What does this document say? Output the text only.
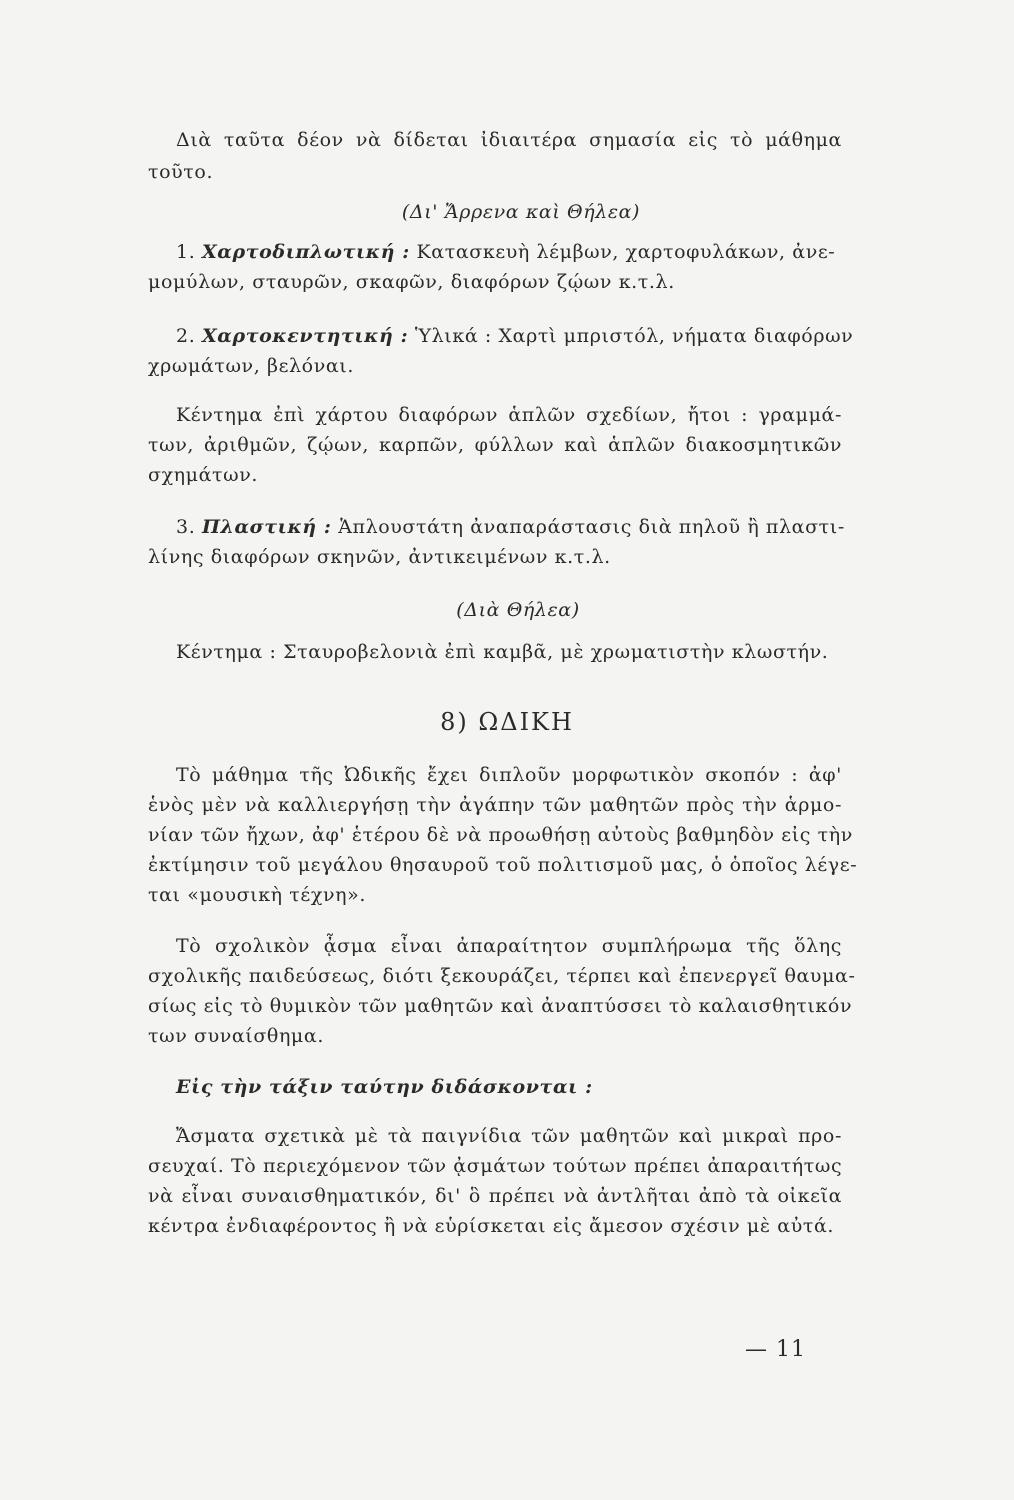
Διὰ ταῦτα δέον νὰ δίδεται ἰδιαιτέρα σημασία εἰς τὸ μάθημα
τοῦτο.
(Δι' Ἄρρενα καὶ Θήλεα)
1. Χαρτοδιπλωτική : Κατασκευὴ λέμβων, χαρτοφυλάκων, ἀνε-
μομύλων, σταυρῶν, σκαφῶν, διαφόρων ζῴων κ.τ.λ.
2. Χαρτοκεντητική : Ὑλικά : Χαρτὶ μπριστόλ, νήματα διαφόρων
χρωμάτων, βελόναι.
Κέντημα ἐπὶ χάρτου διαφόρων ἁπλῶν σχεδίων, ἤτοι : γραμμά-
των, ἀριθμῶν, ζῴων, καρπῶν, φύλλων καὶ ἁπλῶν διακοσμητικῶν
σχημάτων.
3. Πλαστική : Ἁπλουστάτη ἀναπαράστασις διὰ πηλοῦ ἢ πλαστι-
λίνης διαφόρων σκηνῶν, ἀντικειμένων κ.τ.λ.
(Διὰ Θήλεα)
Κέντημα : Σταυροβελονιὰ ἐπὶ καμβᾶ, μὲ χρωματιστὴν κλωστήν.
8) ΩΔΙΚΗ
Τὸ μάθημα τῆς Ὠδικῆς ἔχει διπλοῦν μορφωτικὸν σκοπόν : ἀφ'
ἑνὸς μὲν νὰ καλλιεργήσῃ τὴν ἀγάπην τῶν μαθητῶν πρὸς τὴν ἁρμο-
νίαν τῶν ἤχων, ἀφ' ἑτέρου δὲ νὰ προωθήσῃ αὐτοὺς βαθμηδὸν εἰς τὴν
ἐκτίμησιν τοῦ μεγάλου θησαυροῦ τοῦ πολιτισμοῦ μας, ὁ ὁποῖος λέγε-
ται «μουσικὴ τέχνη».
Τὸ σχολικὸν ᾆσμα εἶναι ἀπαραίτητον συμπλήρωμα τῆς ὅλης
σχολικῆς παιδεύσεως, διότι ξεκουράζει, τέρπει καὶ ἐπενεργεῖ θαυμα-
σίως εἰς τὸ θυμικὸν τῶν μαθητῶν καὶ ἀναπτύσσει τὸ καλαισθητικόν
των συναίσθημα.
Εἰς τὴν τάξιν ταύτην διδάσκονται :
Ἄσματα σχετικὰ μὲ τὰ παιγνίδια τῶν μαθητῶν καὶ μικραὶ προ-
σευχαί. Τὸ περιεχόμενον τῶν ᾀσμάτων τούτων πρέπει ἀπαραιτήτως
νὰ εἶναι συναισθηματικόν, δι' ὃ πρέπει νὰ ἀντλῆται ἀπὸ τὰ οἰκεῖα
κέντρα ἐνδιαφέροντος ἢ νὰ εὑρίσκεται εἰς ἄμεσον σχέσιν μὲ αὐτά.
— 11
